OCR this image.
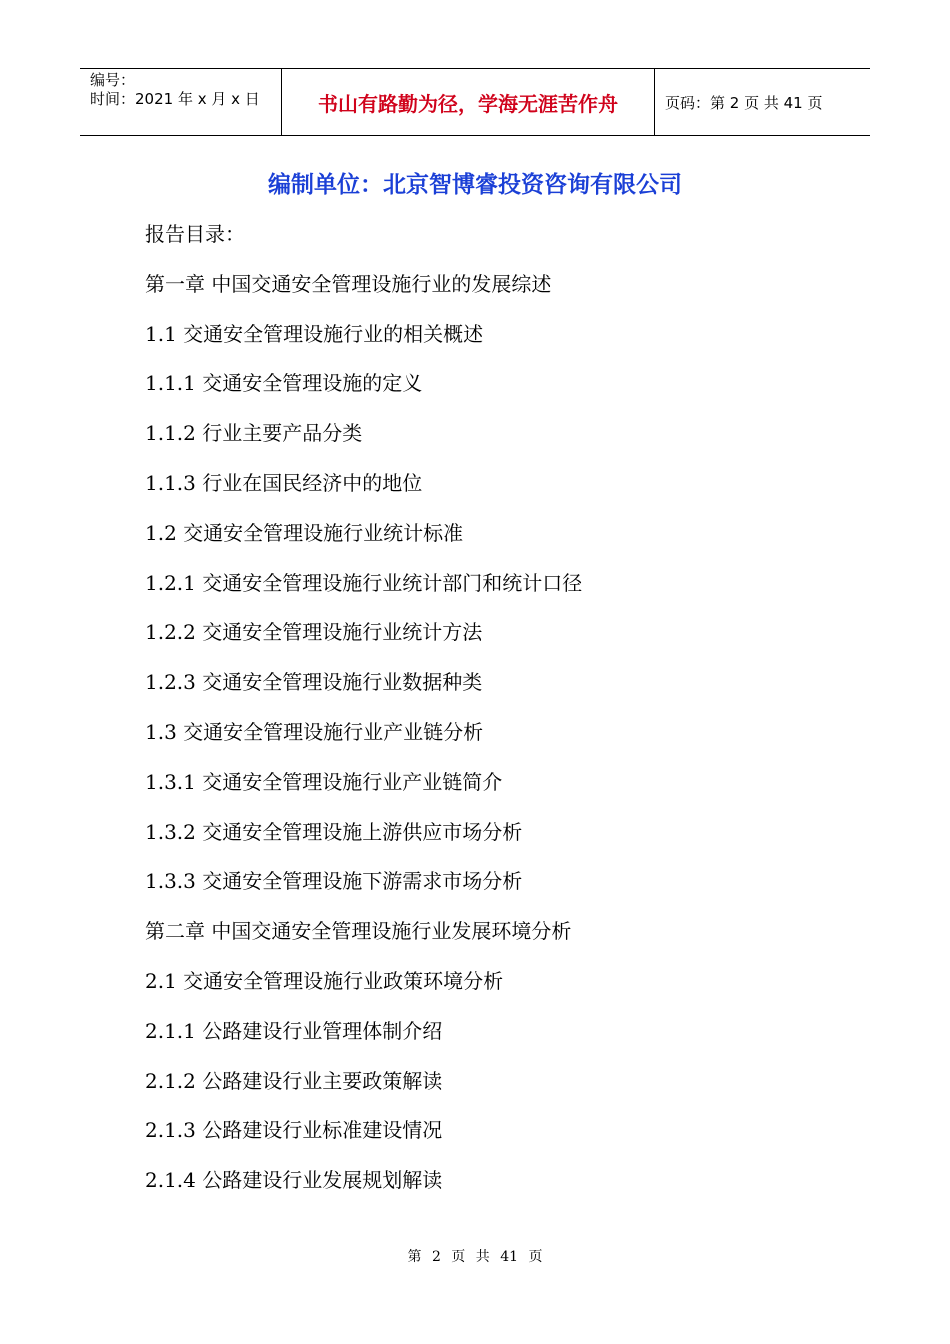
编号：
时间：2021 年 x 月 x 日	书山有路勤为径，学海无涯苦作舟	页码：第 2 页 共 41 页
编制单位：北京智博睿投资咨询有限公司
报告目录：
第一章 中国交通安全管理设施行业的发展综述
1.1 交通安全管理设施行业的相关概述
1.1.1 交通安全管理设施的定义
1.1.2 行业主要产品分类
1.1.3 行业在国民经济中的地位
1.2 交通安全管理设施行业统计标准
1.2.1 交通安全管理设施行业统计部门和统计口径
1.2.2 交通安全管理设施行业统计方法
1.2.3 交通安全管理设施行业数据种类
1.3 交通安全管理设施行业产业链分析
1.3.1 交通安全管理设施行业产业链简介
1.3.2 交通安全管理设施上游供应市场分析
1.3.3 交通安全管理设施下游需求市场分析
第二章 中国交通安全管理设施行业发展环境分析
2.1 交通安全管理设施行业政策环境分析
2.1.1 公路建设行业管理体制介绍
2.1.2 公路建设行业主要政策解读
2.1.3 公路建设行业标准建设情况
2.1.4 公路建设行业发展规划解读
第 2 页 共 41 页
